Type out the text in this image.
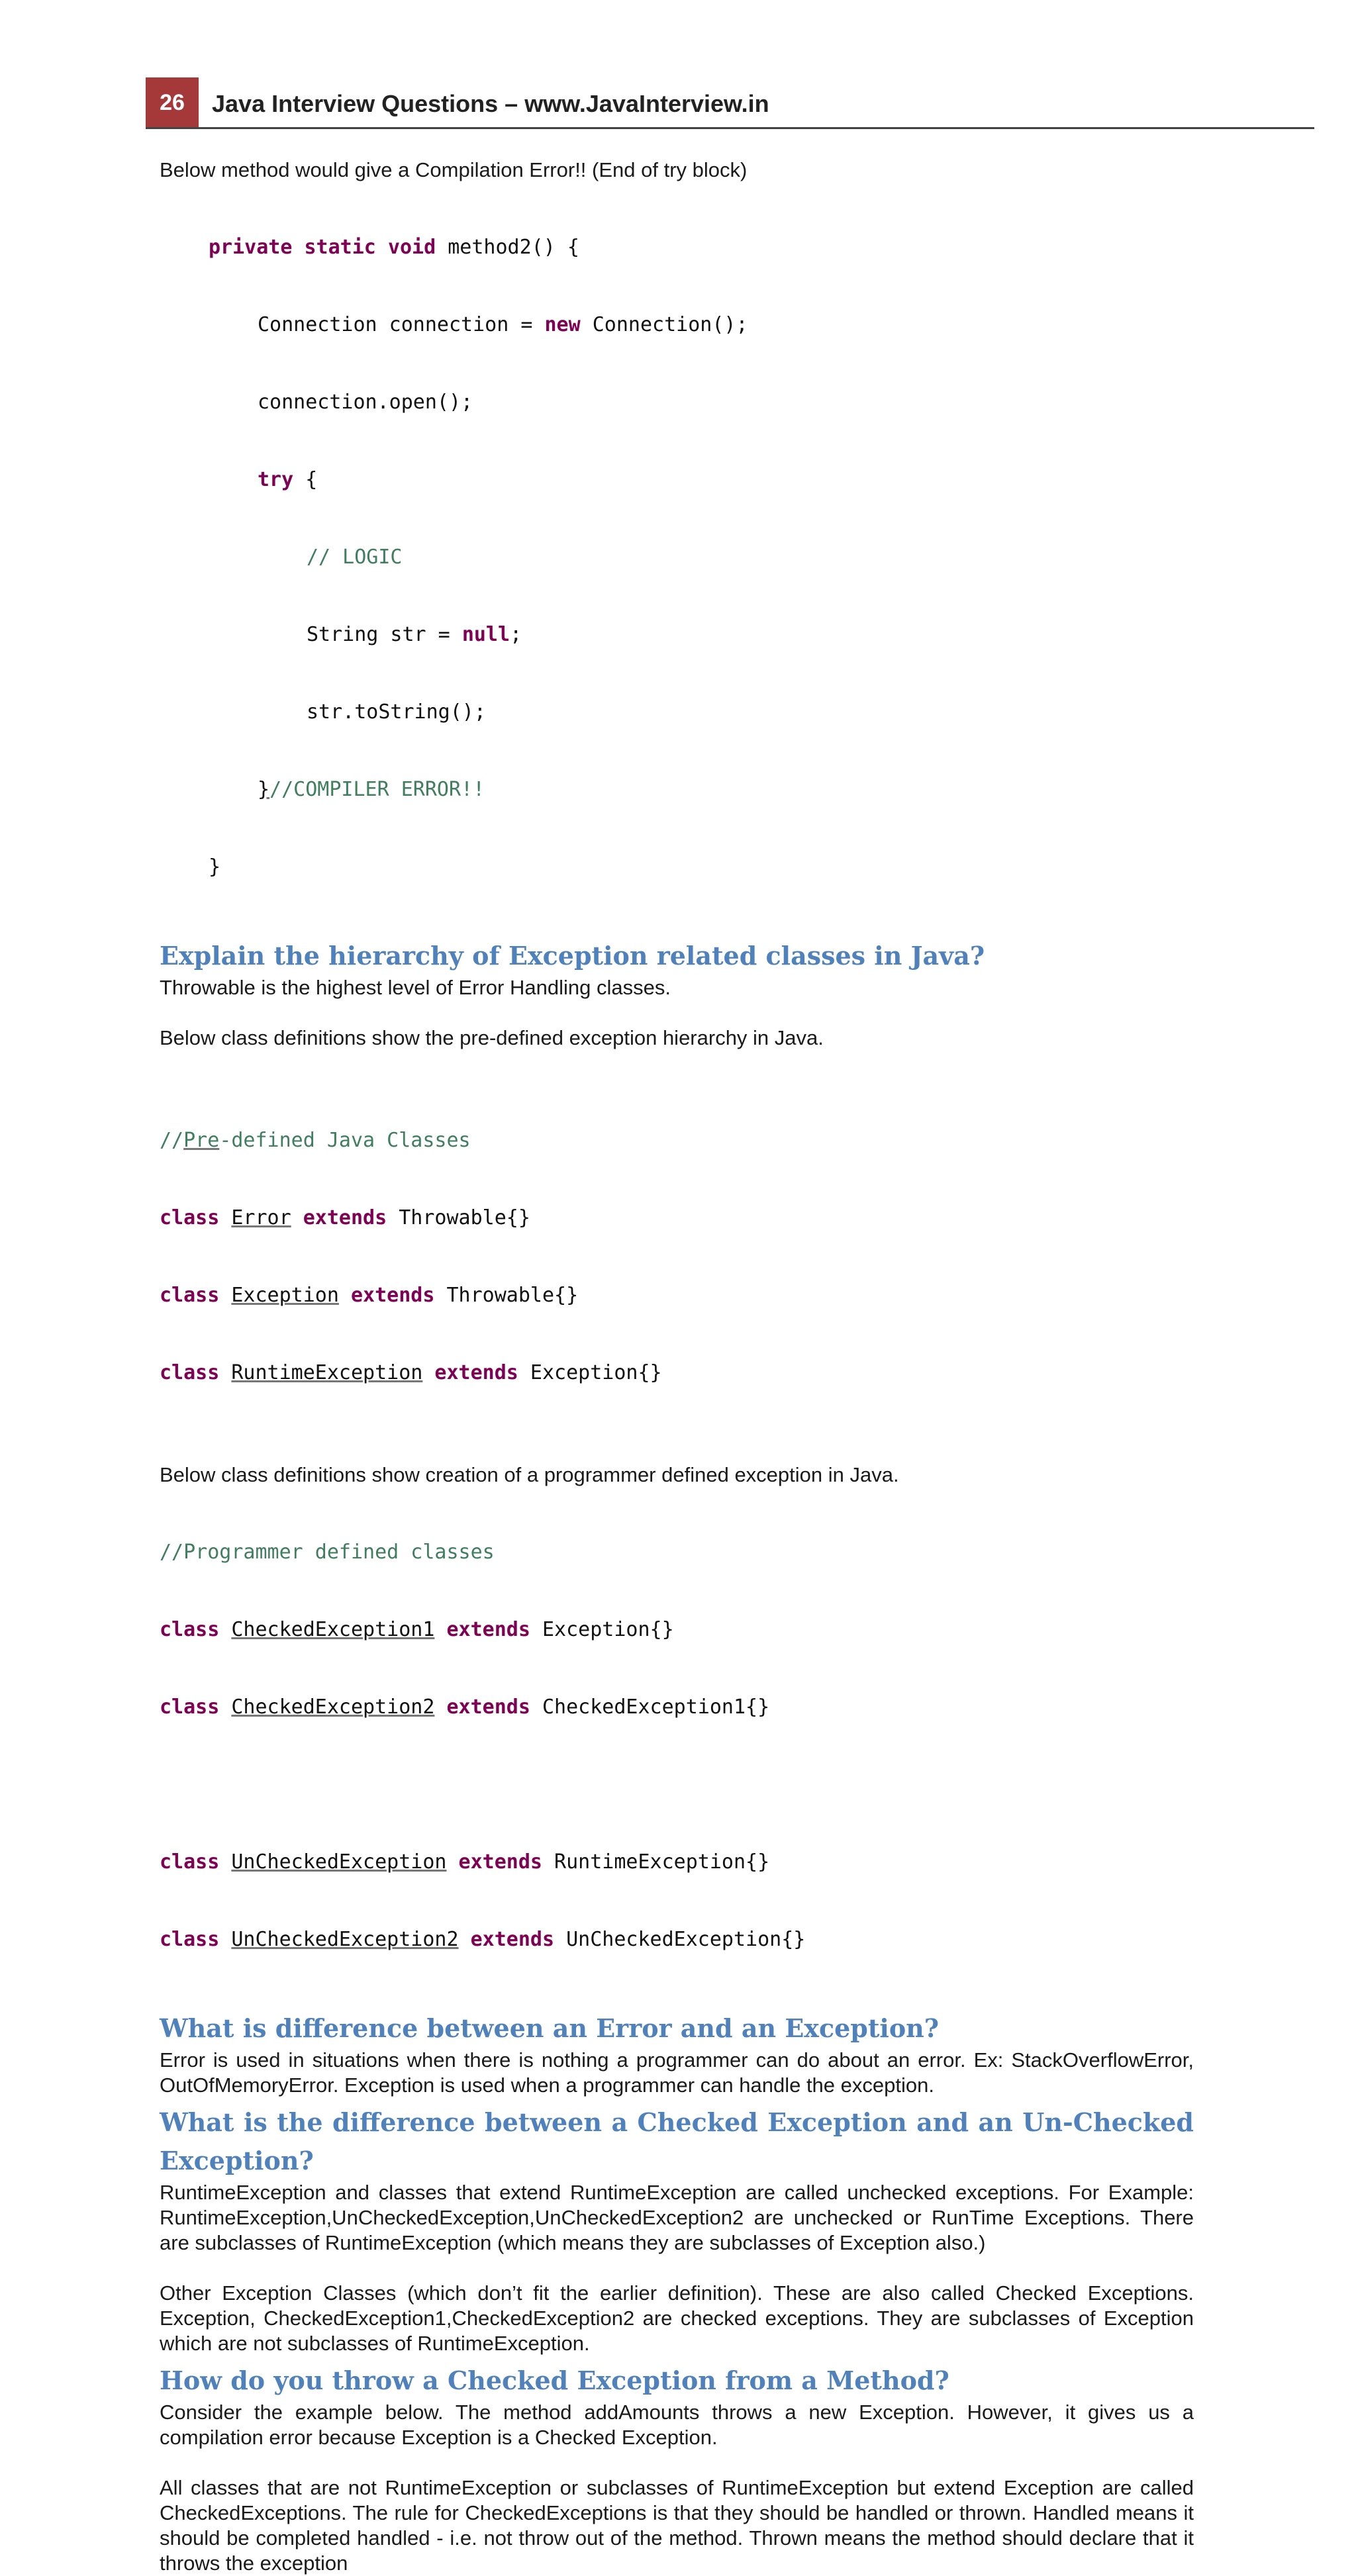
26	Java Interview Questions – www.JavaInterview.in

Below method would give a Compilation Error!! (End of try block)

private static void method2() {

Connection connection = new Connection();

connection.open();

try {

// LOGIC

String str = null;

str.toString();

}//COMPILER ERROR!!

}

Explain the hierarchy of Exception related classes in Java?

Throwable is the highest level of Error Handling classes.

Below class definitions show the pre-defined exception hierarchy in Java.

//Pre-defined Java Classes

class Error extends Throwable{}

class Exception extends Throwable{}

class RuntimeException extends Exception{}

Below class definitions show creation of a programmer defined exception in Java.

//Programmer defined classes

class CheckedException1 extends Exception{}

class CheckedException2 extends CheckedException1{}

class UnCheckedException extends RuntimeException{}

class UnCheckedException2 extends UnCheckedException{}

What is difference between an Error and an Exception?

Error is used in situations when there is nothing a programmer can do about an error. Ex: StackOverflowError, OutOfMemoryError. Exception is used when a programmer can handle the exception.

What is the difference between a Checked Exception and an Un-Checked
Exception?

RuntimeException and classes that extend RuntimeException are called unchecked exceptions. For Example: RuntimeException,UnCheckedException,UnCheckedException2 are unchecked or RunTime Exceptions. There are subclasses of RuntimeException (which means they are subclasses of Exception also.)

Other Exception Classes (which don’t fit the earlier definition). These are also called Checked Exceptions. Exception, CheckedException1,CheckedException2 are checked exceptions. They are subclasses of Exception which are not subclasses of RuntimeException.

How do you throw a Checked Exception from a Method?

Consider the example below. The method addAmounts throws a new Exception. However, it gives us a compilation error because Exception is a Checked Exception.

All classes that are not RuntimeException or subclasses of RuntimeException but extend Exception are called CheckedExceptions. The rule for CheckedExceptions is that they should be handled or thrown. Handled means it should be completed handled - i.e. not throw out of the method. Thrown means the method should declare that it throws the exception
